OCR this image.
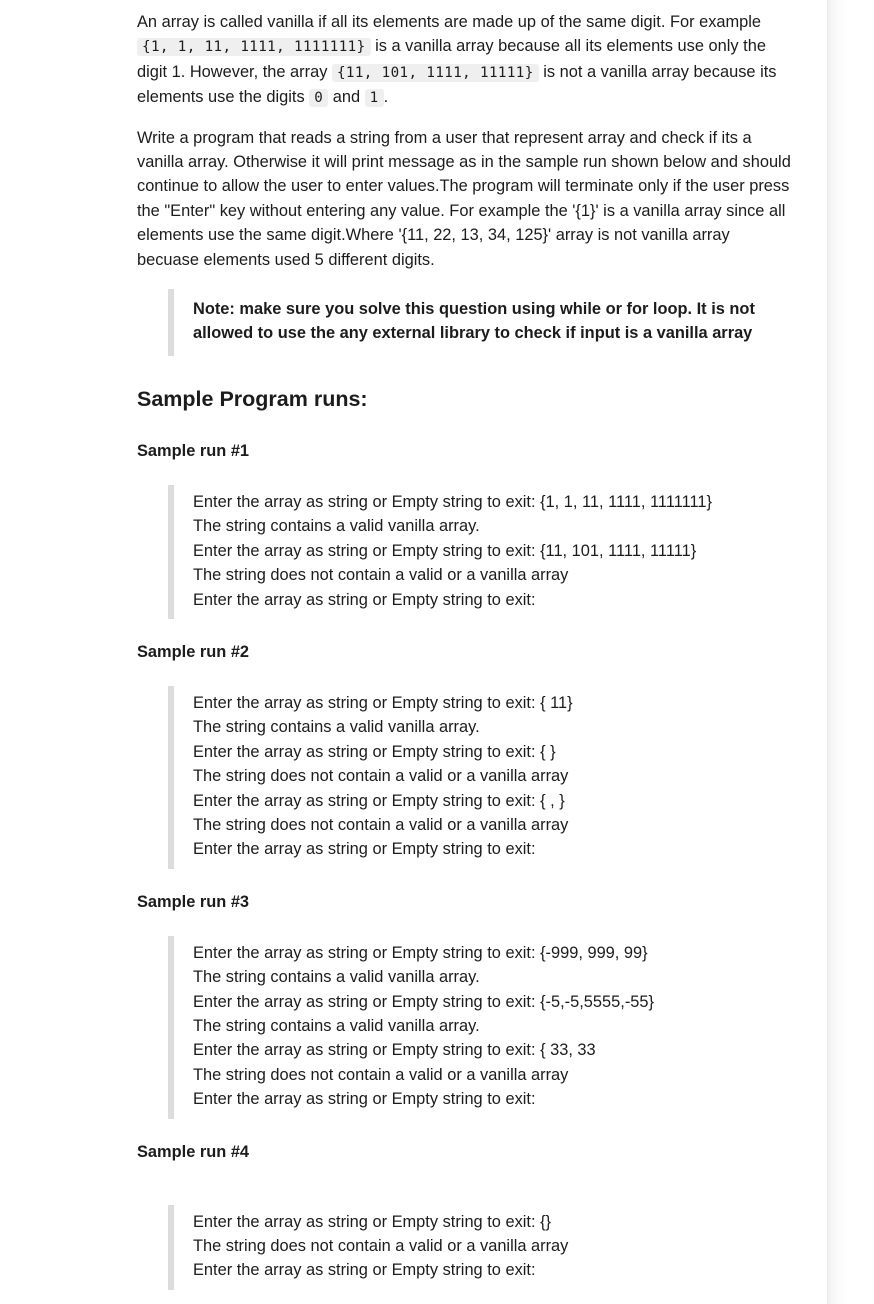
An array is called vanilla if all its elements are made up of the same digit. For example {1, 1, 11, 1111, 1111111} is a vanilla array because all its elements use only the digit 1. However, the array {11, 101, 1111, 11111} is not a vanilla array because its elements use the digits 0 and 1 .

Write a program that reads a string from a user that represent array and check if its a vanilla array. Otherwise it will print message as in the sample run shown below and should continue to allow the user to enter values.The program will terminate only if the user press the "Enter" key without entering any value. For example the '{1}' is a vanilla array since all elements use the same digit.Where '{11, 22, 13, 34, 125}' array is not vanilla array becuase elements used 5 different digits.

Note: make sure you solve this question using while or for loop. It is not allowed to use the any external library to check if input is a vanilla array
Sample Program runs:
Sample run #1
Enter the array as string or Empty string to exit: {1, 1, 11, 1111, 1111111}
The string contains a valid vanilla array.
Enter the array as string or Empty string to exit: {11, 101, 1111, 11111}
The string does not contain a valid or a vanilla array
Enter the array as string or Empty string to exit:
Sample run #2
Enter the array as string or Empty string to exit: { 11}
The string contains a valid vanilla array.
Enter the array as string or Empty string to exit: { }
The string does not contain a valid or a vanilla array
Enter the array as string or Empty string to exit: { , }
The string does not contain a valid or a vanilla array
Enter the array as string or Empty string to exit:
Sample run #3
Enter the array as string or Empty string to exit: {-999, 999, 99}
The string contains a valid vanilla array.
Enter the array as string or Empty string to exit: {-5,-5,5555,-55}
The string contains a valid vanilla array.
Enter the array as string or Empty string to exit: { 33, 33
The string does not contain a valid or a vanilla array
Enter the array as string or Empty string to exit:
Sample run #4
Enter the array as string or Empty string to exit: {}
The string does not contain a valid or a vanilla array
Enter the array as string or Empty string to exit:
